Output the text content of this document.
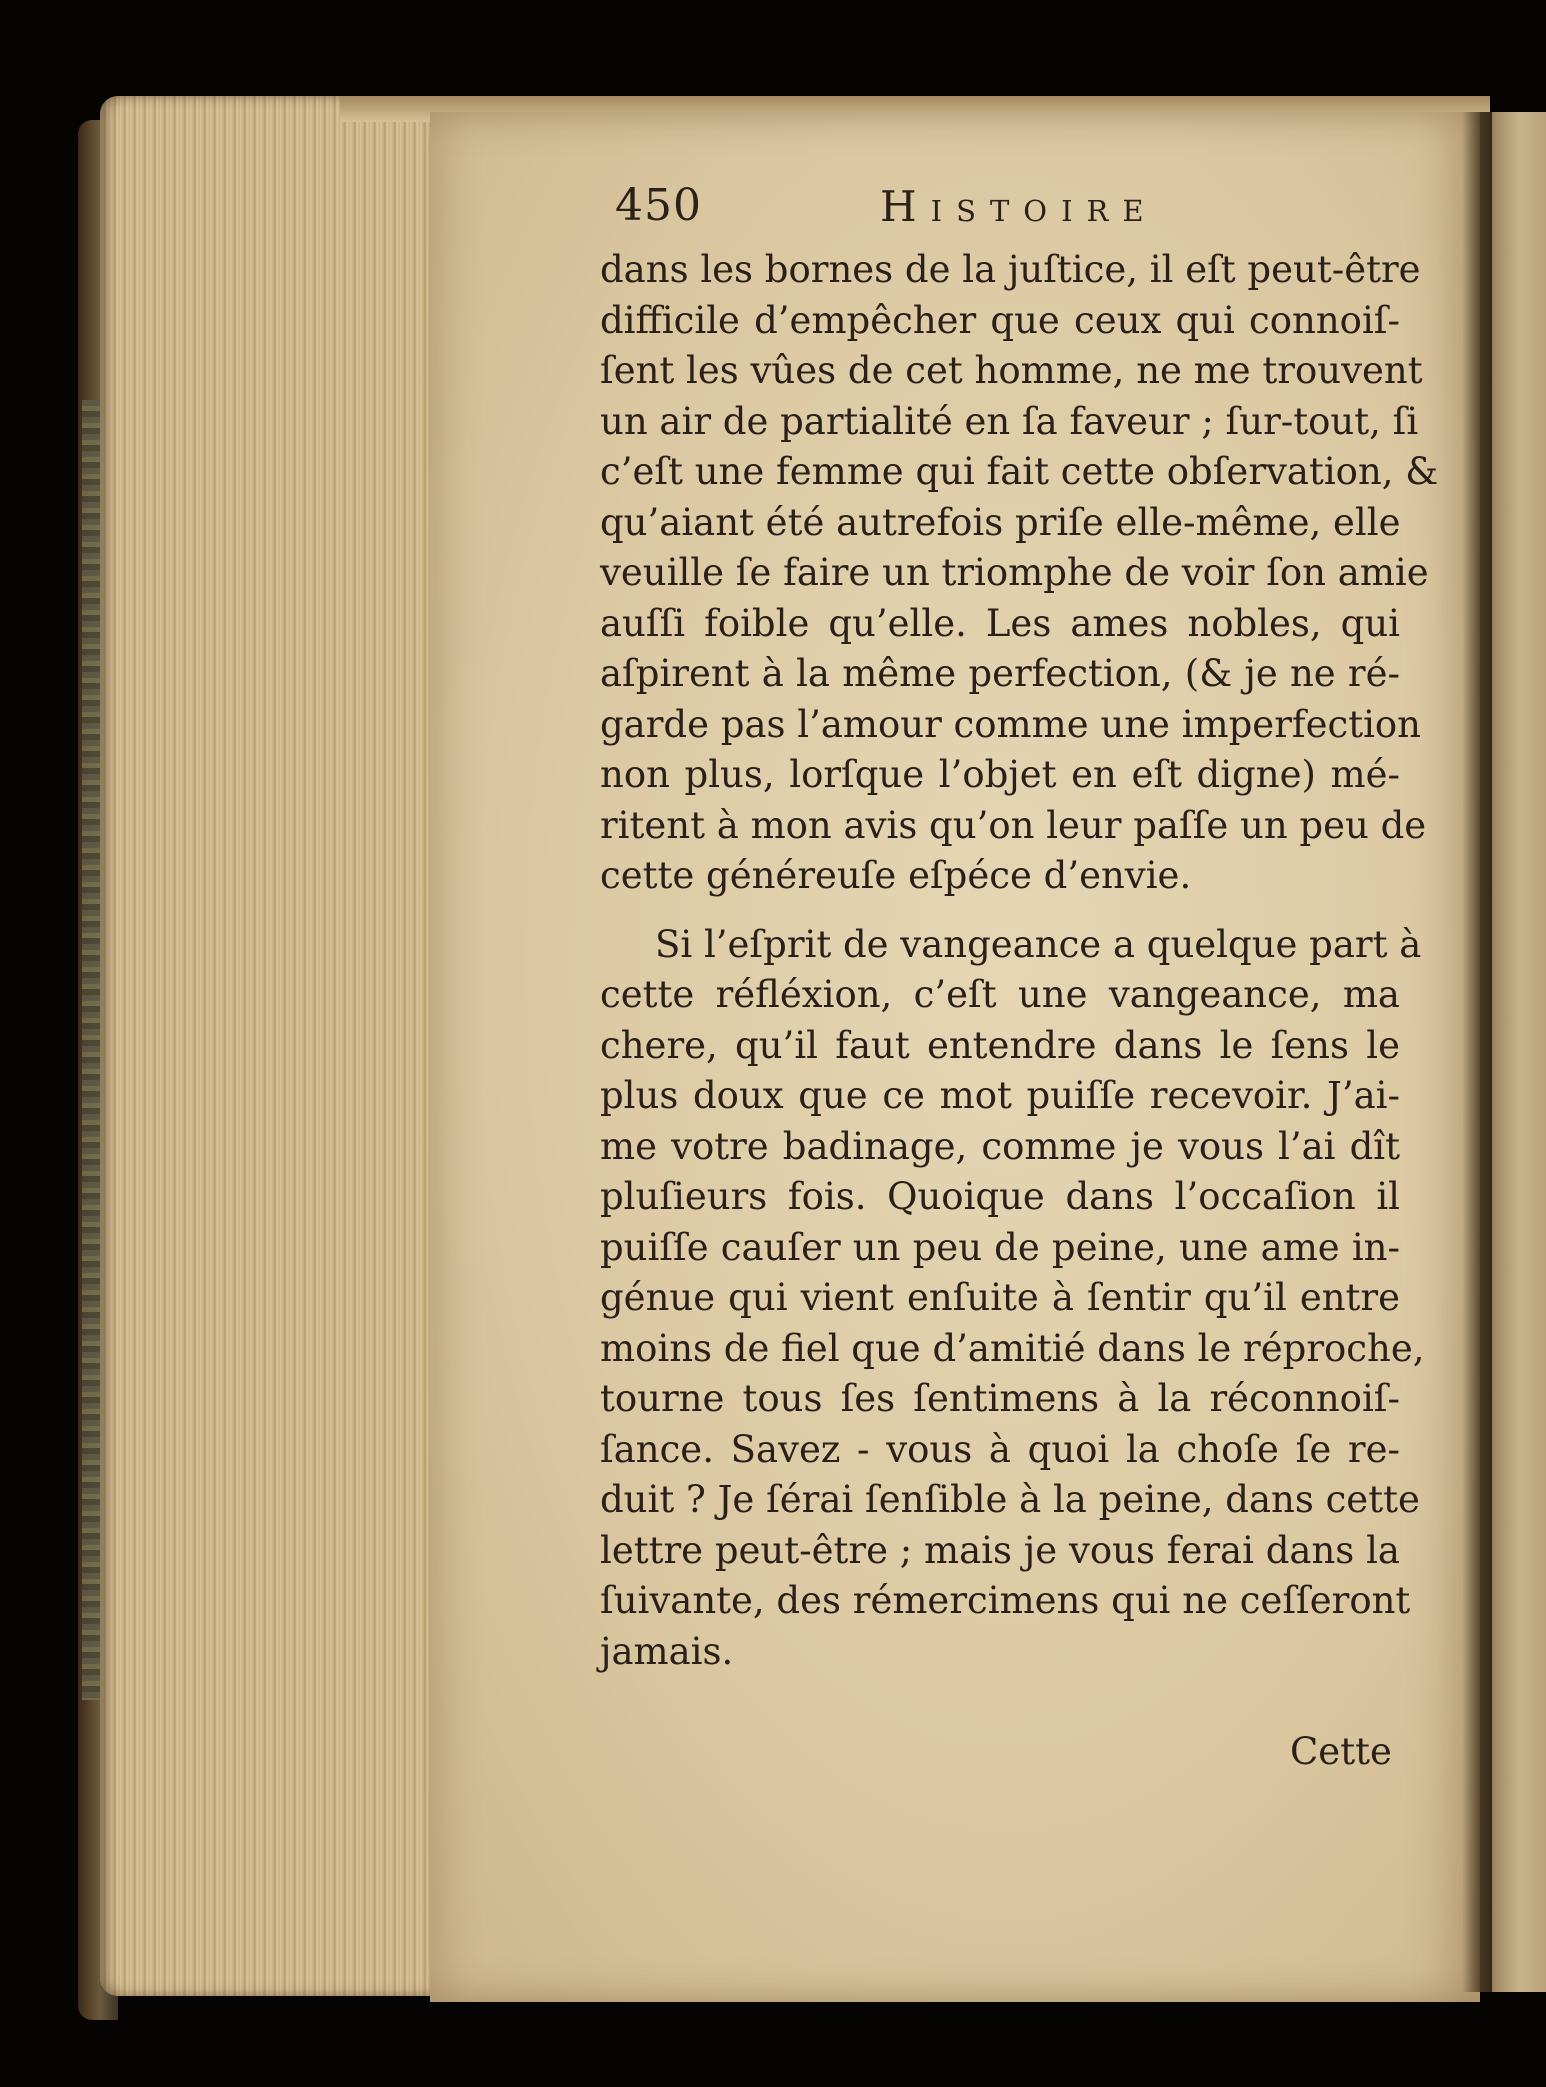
450	Histoire
dans les bornes de la juſtice, il eſt peut-être
difficile d’empêcher que ceux qui connoiſ-
ſent les vûes de cet homme, ne me trouvent
un air de partialité en ſa faveur ; ſur-tout, ſi
c’eſt une femme qui fait cette obſervation, &
qu’aiant été autrefois priſe elle-même, elle
veuille ſe faire un triomphe de voir ſon amie
auſſi foible qu’elle. Les ames nobles, qui
aſpirent à la même perfection, (& je ne ré-
garde pas l’amour comme une imperfection
non plus, lorſque l’objet en eſt digne) mé-
ritent à mon avis qu’on leur paſſe un peu de
cette généreuſe eſpéce d’envie.
Si l’eſprit de vangeance a quelque part à
cette réfléxion, c’eſt une vangeance, ma
chere, qu’il faut entendre dans le ſens le
plus doux que ce mot puiſſe recevoir. J’ai-
me votre badinage, comme je vous l’ai dît
pluſieurs fois. Quoique dans l’occaſion il
puiſſe cauſer un peu de peine, une ame in-
génue qui vient enſuite à ſentir qu’il entre
moins de fiel que d’amitié dans le réproche,
tourne tous ſes ſentimens à la réconnoiſ-
ſance. Savez - vous à quoi la choſe ſe re-
duit ? Je ſérai ſenſible à la peine, dans cette
lettre peut-être ; mais je vous ferai dans la
ſuivante, des rémercimens qui ne ceſſeront
jamais.
Cette
